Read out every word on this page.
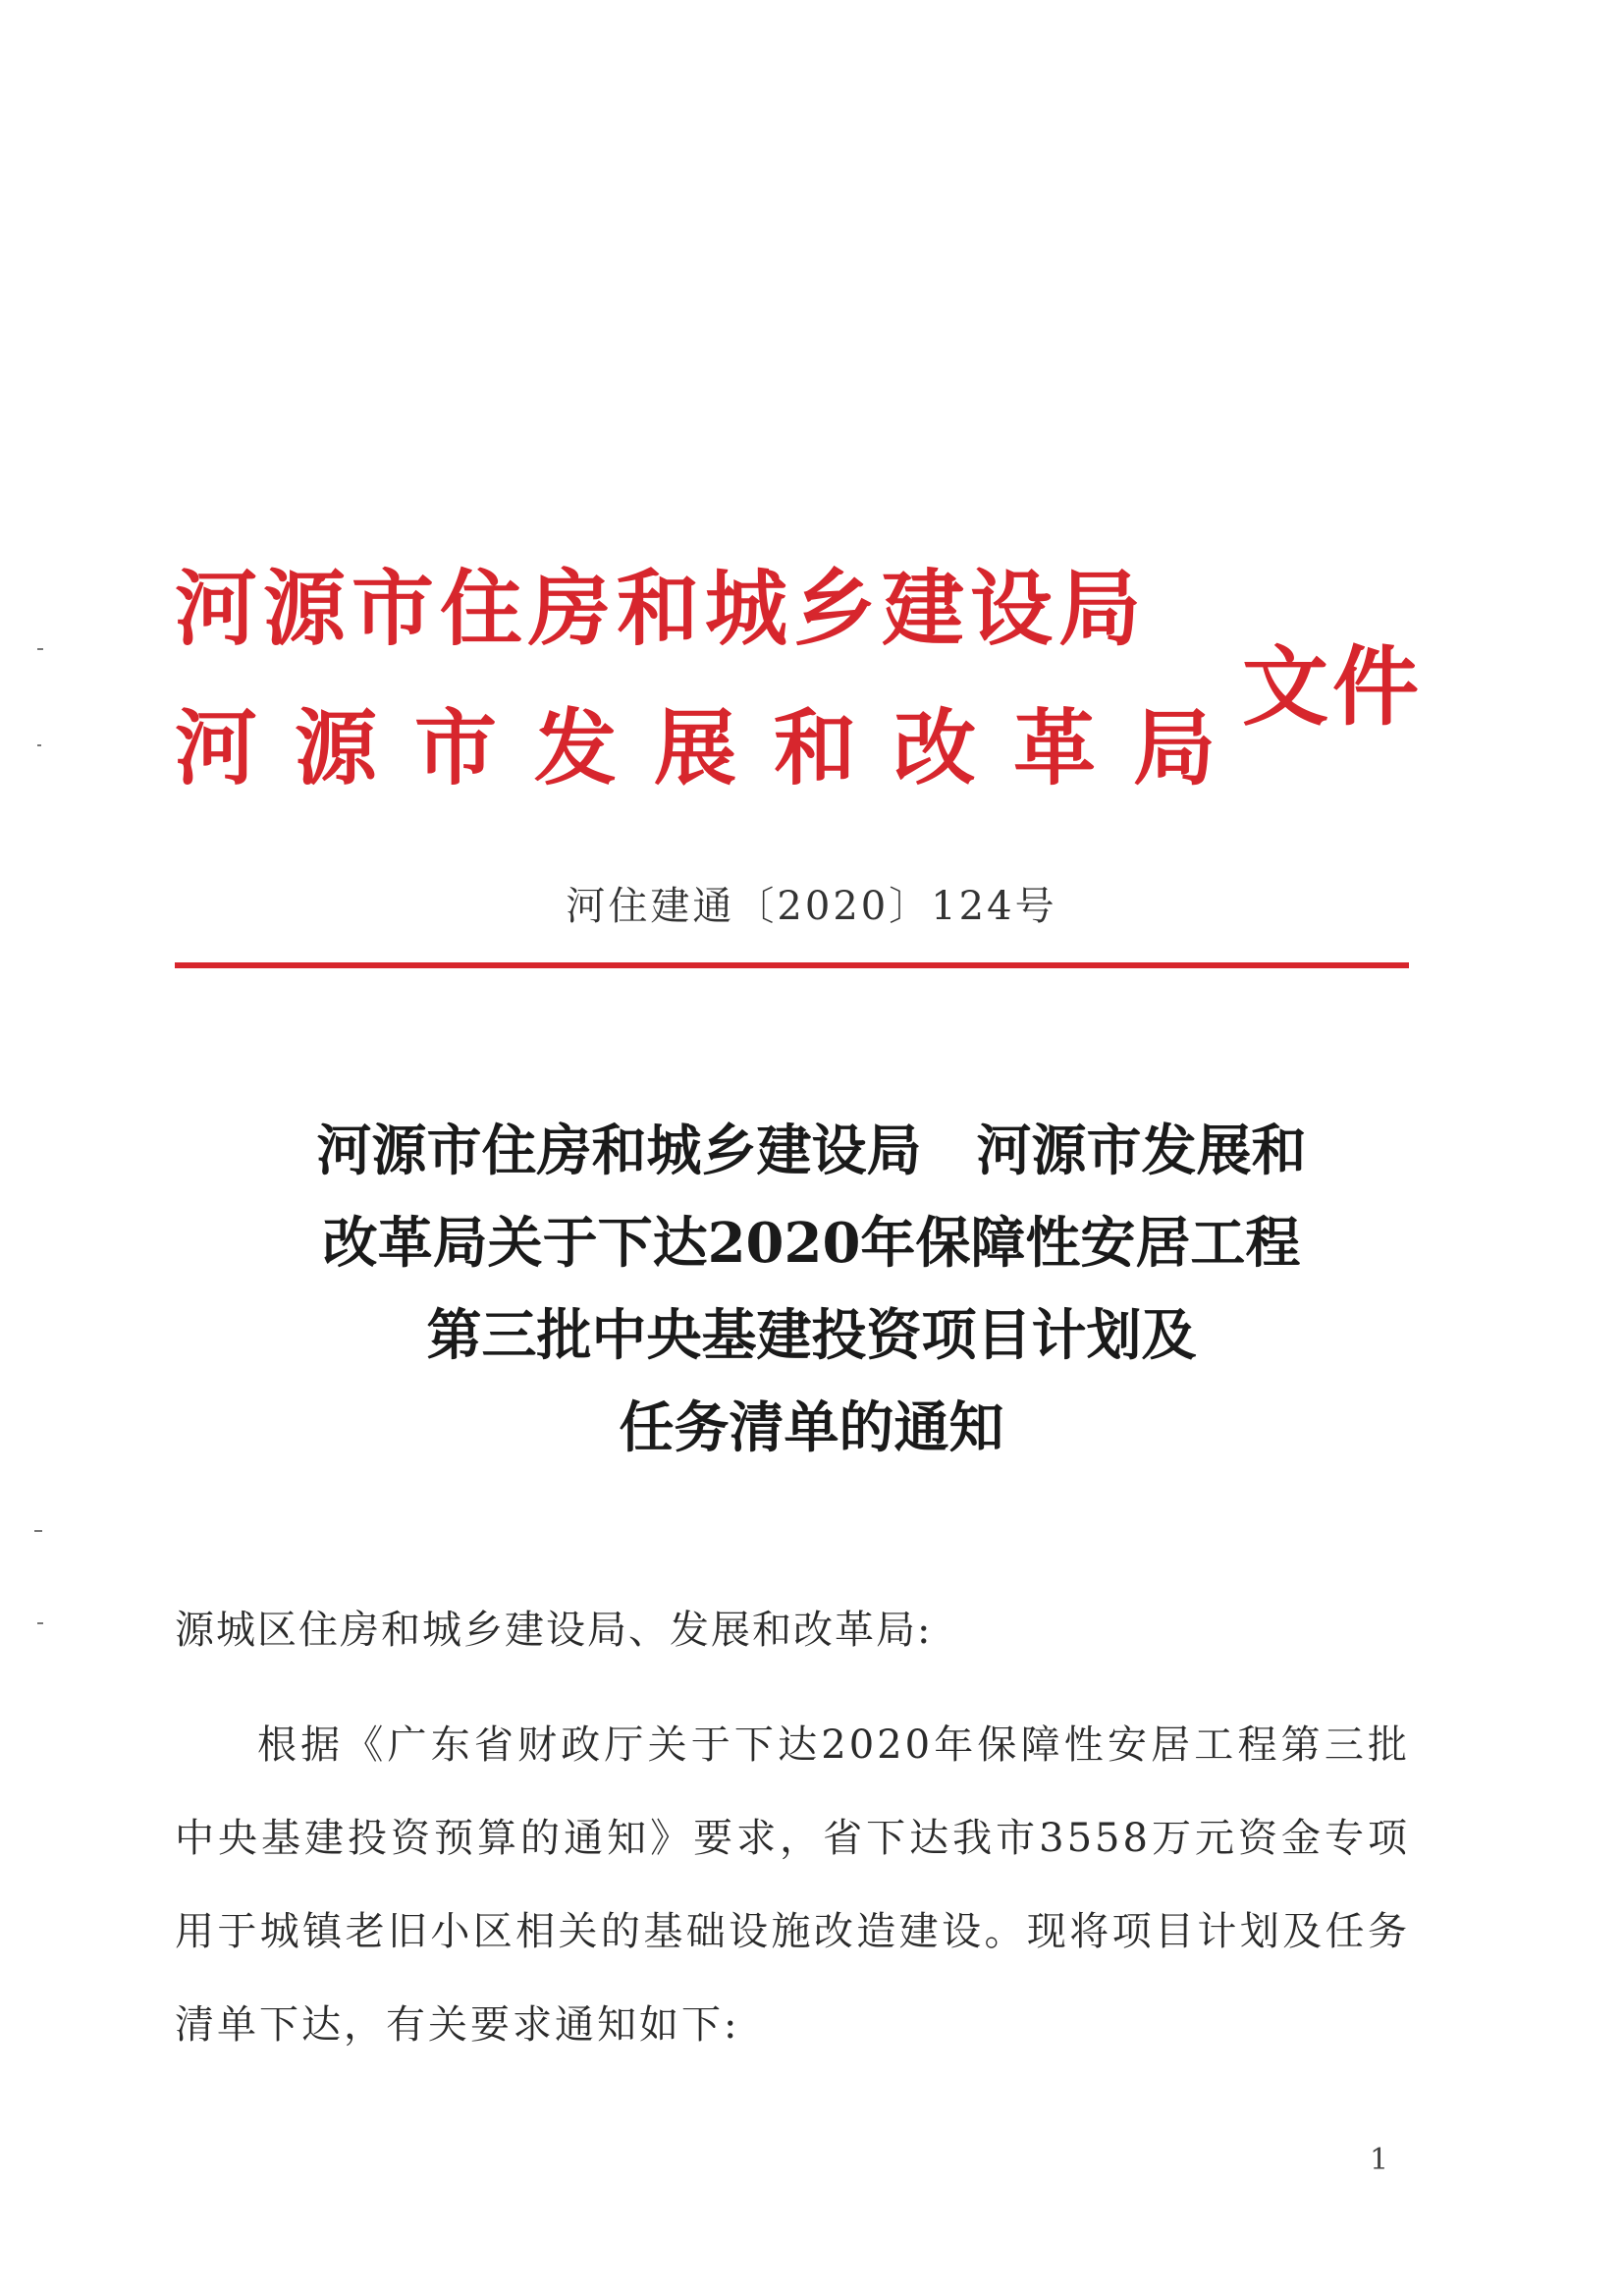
河源市住房和城乡建设局
河源市发展和改革局
文件
河住建通〔2020〕124号
河源市住房和城乡建设局　河源市发展和
改革局关于下达2020年保障性安居工程
第三批中央基建投资项目计划及
任务清单的通知
源城区住房和城乡建设局、发展和改革局:
根据《广东省财政厅关于下达2020年保障性安居工程第三批中央基建投资预算的通知》要求，省下达我市3558万元资金专项用于城镇老旧小区相关的基础设施改造建设。现将项目计划及任务清单下达，有关要求通知如下:
1
